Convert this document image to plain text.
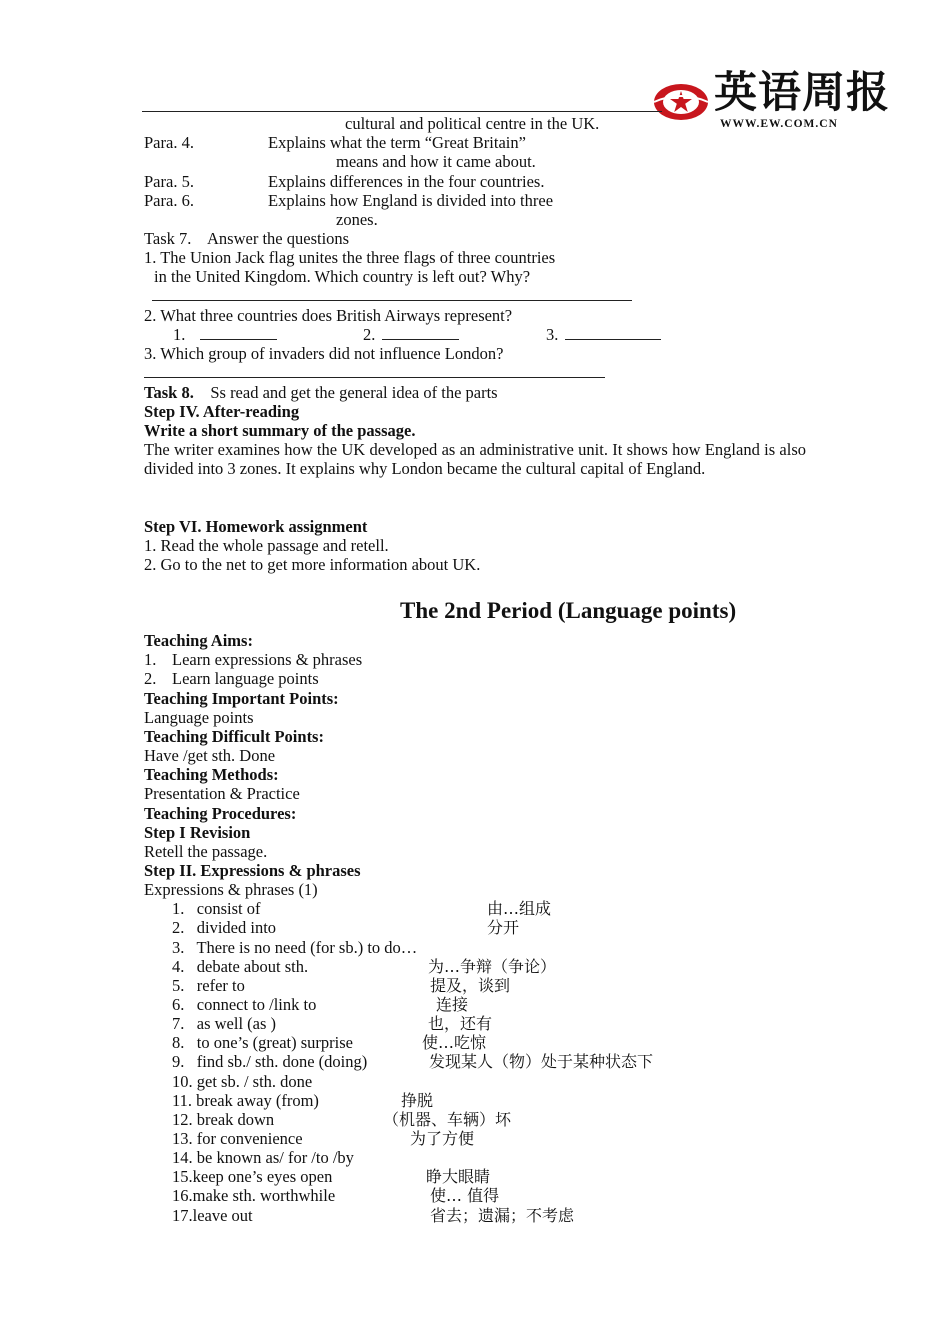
英语周报
WWW.EW.COM.CN
cultural and political centre in the UK.
Para. 4.	Explains what the term “Great Britain”
means and how it came about.
Para. 5.	Explains differences in the four countries.
Para. 6.	Explains how England is divided into three
zones.
Task 7.    Answer the questions
1. The Union Jack flag unites the three flags of three countries
in the United Kingdom. Which country is left out? Why?
2. What three countries does British Airways represent?
1.	2.	3.
3. Which group of invaders did not influence London?
Task 8. Ss read and get the general idea of the parts
Step IV. After-reading
Write a short summary of the passage.
The writer examines how the UK developed as an administrative unit. It shows how England is also divided into 3 zones. It explains why London became the cultural capital of England.
Step VI. Homework assignment
1. Read the whole passage and retell.
2. Go to the net to get more information about UK.
The 2nd Period (Language points)
Teaching Aims:
1. Learn expressions & phrases
2. Learn language points
Teaching Important Points:
Language points
Teaching Difficult Points:
Have /get sth. Done
Teaching Methods:
Presentation & Practice
Teaching Procedures:
Step I Revision
Retell the passage.
Step II. Expressions & phrases
Expressions & phrases (1)
1.   consist of	由…组成
2.   divided into	分开
3.   There is no need (for sb.) to do…
4.   debate about sth.	为…争辩（争论）
5.   refer to	提及，谈到
6.   connect to /link to	连接
7.   as well (as )	也，还有
8.   to one’s (great) surprise	使…吃惊
9.   find sb./ sth. done (doing)	发现某人（物）处于某种状态下
10. get sb. / sth. done
11. break away (from)	挣脱
12. break down	（机器、车辆）坏
13. for convenience	为了方便
14. be known as/ for /to /by
15.keep one’s eyes open	睁大眼睛
16.make sth. worthwhile	使… 值得
17.leave out	省去；遗漏；不考虑
